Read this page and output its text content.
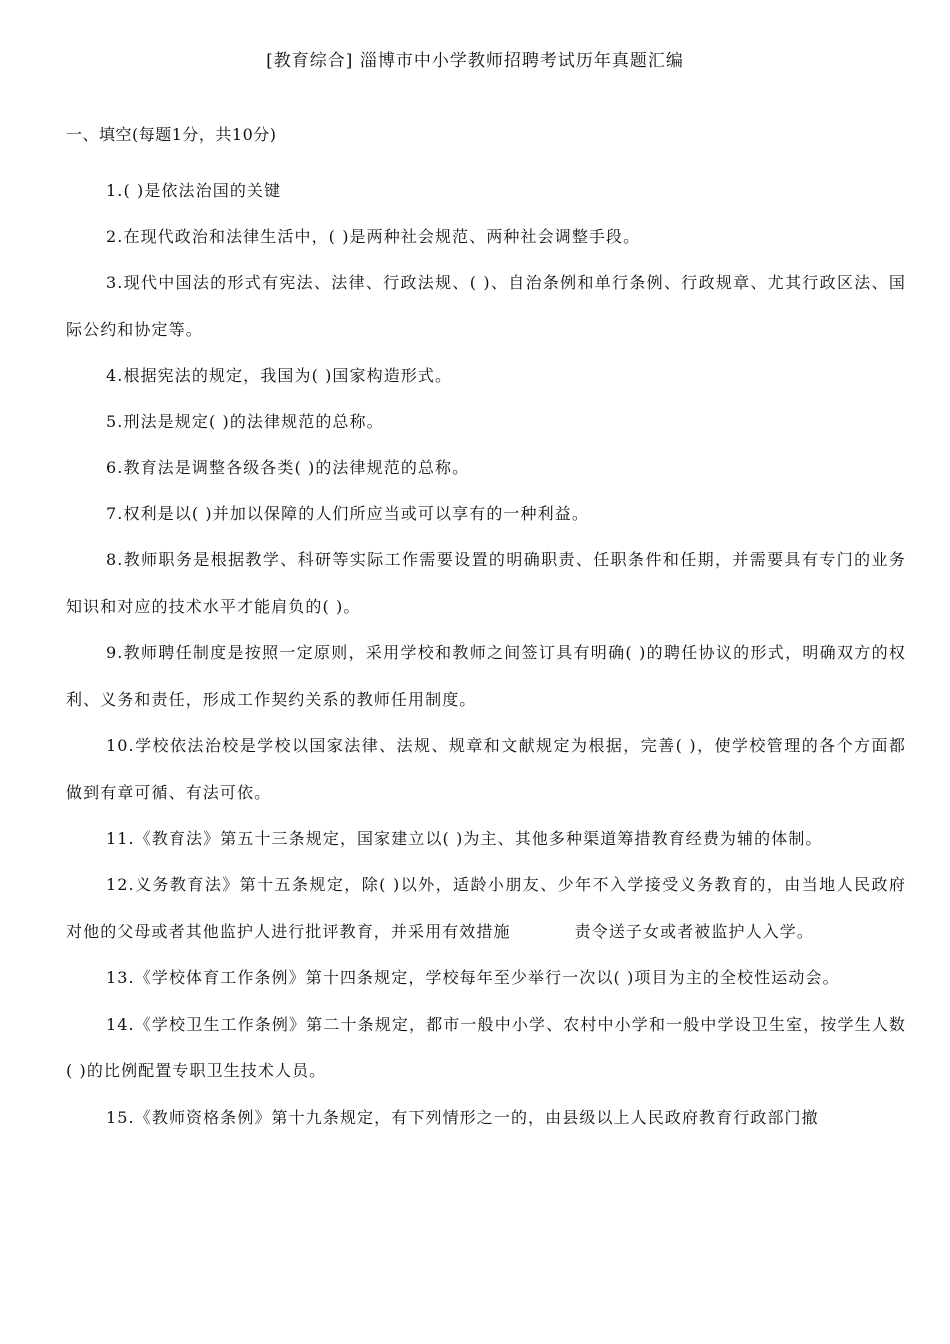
[教育综合] 淄博市中小学教师招聘考试历年真题汇编
一、填空(每题1分，共10分)

1.( )是依法治国的关键

2.在现代政治和法律生活中，( )是两种社会规范、两种社会调整手段。

3.现代中国法的形式有宪法、法律、行政法规、( )、自治条例和单行条例、行政规章、尤其行政区法、国际公约和协定等。

4.根据宪法的规定，我国为( )国家构造形式。

5.刑法是规定( )的法律规范的总称。

6.教育法是调整各级各类( )的法律规范的总称。

7.权利是以( )并加以保障的人们所应当或可以享有的一种利益。

8.教师职务是根据教学、科研等实际工作需要设置的明确职责、任职条件和任期，并需要具有专门的业务知识和对应的技术水平才能肩负的( )。

9.教师聘任制度是按照一定原则，采用学校和教师之间签订具有明确( )的聘任协议的形式，明确双方的权利、义务和责任，形成工作契约关系的教师任用制度。

10.学校依法治校是学校以国家法律、法规、规章和文献规定为根据，完善( )，使学校管理的各个方面都做到有章可循、有法可依。

11.《教育法》第五十三条规定，国家建立以( )为主、其他多种渠道筹措教育经费为辅的体制。

12.义务教育法》第十五条规定，除( )以外，适龄小朋友、少年不入学接受义务教育的，由当地人民政府对他的父母或者其他监护人进行批评教育，并采用有效措施	责令送子女或者被监护人入学。

13.《学校体育工作条例》第十四条规定，学校每年至少举行一次以( )项目为主的全校性运动会。

14.《学校卫生工作条例》第二十条规定，都市一般中小学、农村中小学和一般中学设卫生室，按学生人数( )的比例配置专职卫生技术人员。

15.《教师资格条例》第十九条规定，有下列情形之一的，由县级以上人民政府教育行政部门撤
